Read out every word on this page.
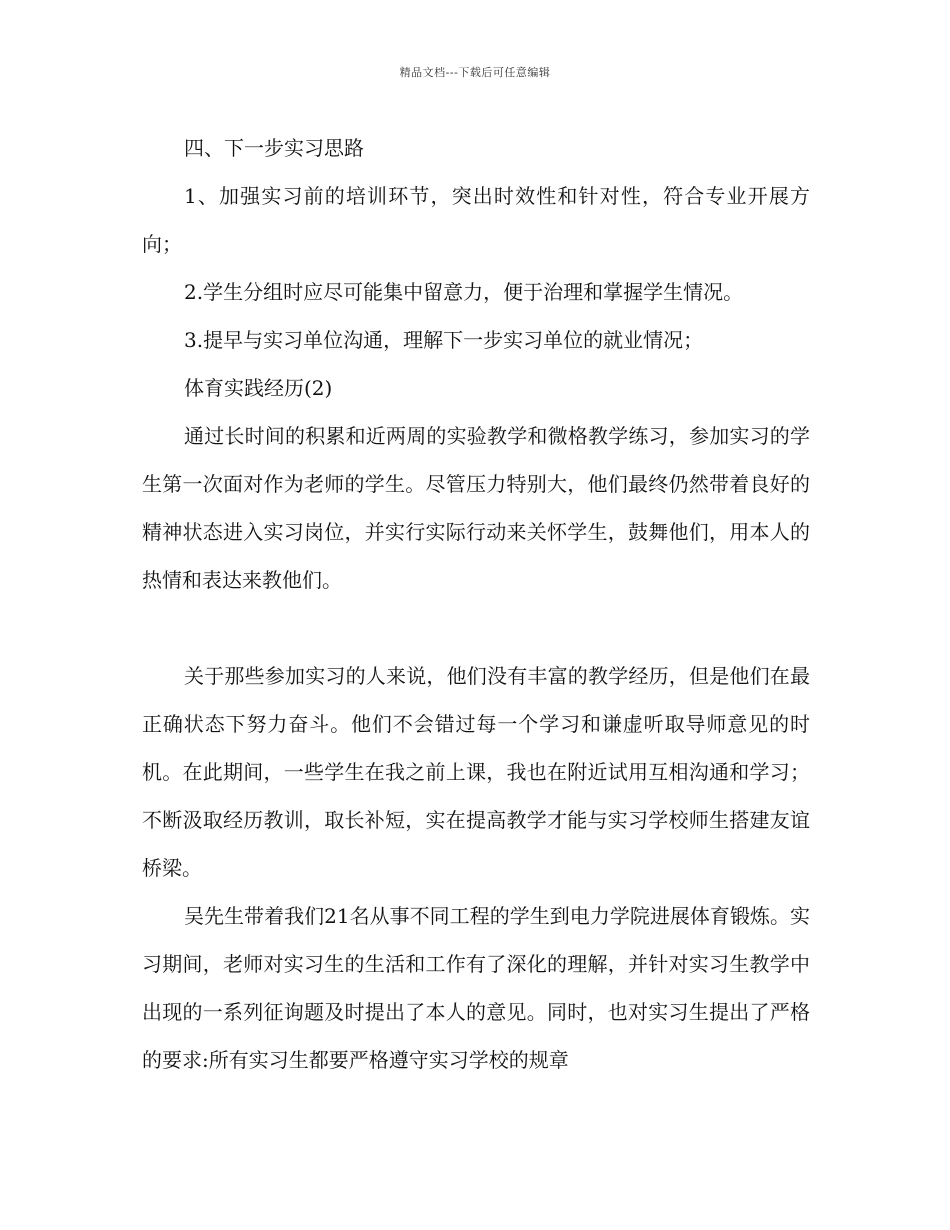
精品文档---下载后可任意编辑

四、下一步实习思路

1、加强实习前的培训环节，突出时效性和针对性，符合专业开展方向；

2.学生分组时应尽可能集中留意力，便于治理和掌握学生情况。

3.提早与实习单位沟通，理解下一步实习单位的就业情况；

体育实践经历(2)

通过长时间的积累和近两周的实验教学和微格教学练习，参加实习的学生第一次面对作为老师的学生。尽管压力特别大，他们最终仍然带着良好的精神状态进入实习岗位，并实行实际行动来关怀学生，鼓舞他们，用本人的热情和表达来教他们。

关于那些参加实习的人来说，他们没有丰富的教学经历，但是他们在最正确状态下努力奋斗。他们不会错过每一个学习和谦虚听取导师意见的时机。在此期间，一些学生在我之前上课，我也在附近试用互相沟通和学习；不断汲取经历教训，取长补短，实在提高教学才能与实习学校师生搭建友谊桥梁。

吴先生带着我们21名从事不同工程的学生到电力学院进展体育锻炼。实习期间，老师对实习生的生活和工作有了深化的理解，并针对实习生教学中出现的一系列征询题及时提出了本人的意见。同时，也对实习生提出了严格的要求:所有实习生都要严格遵守实习学校的规章
